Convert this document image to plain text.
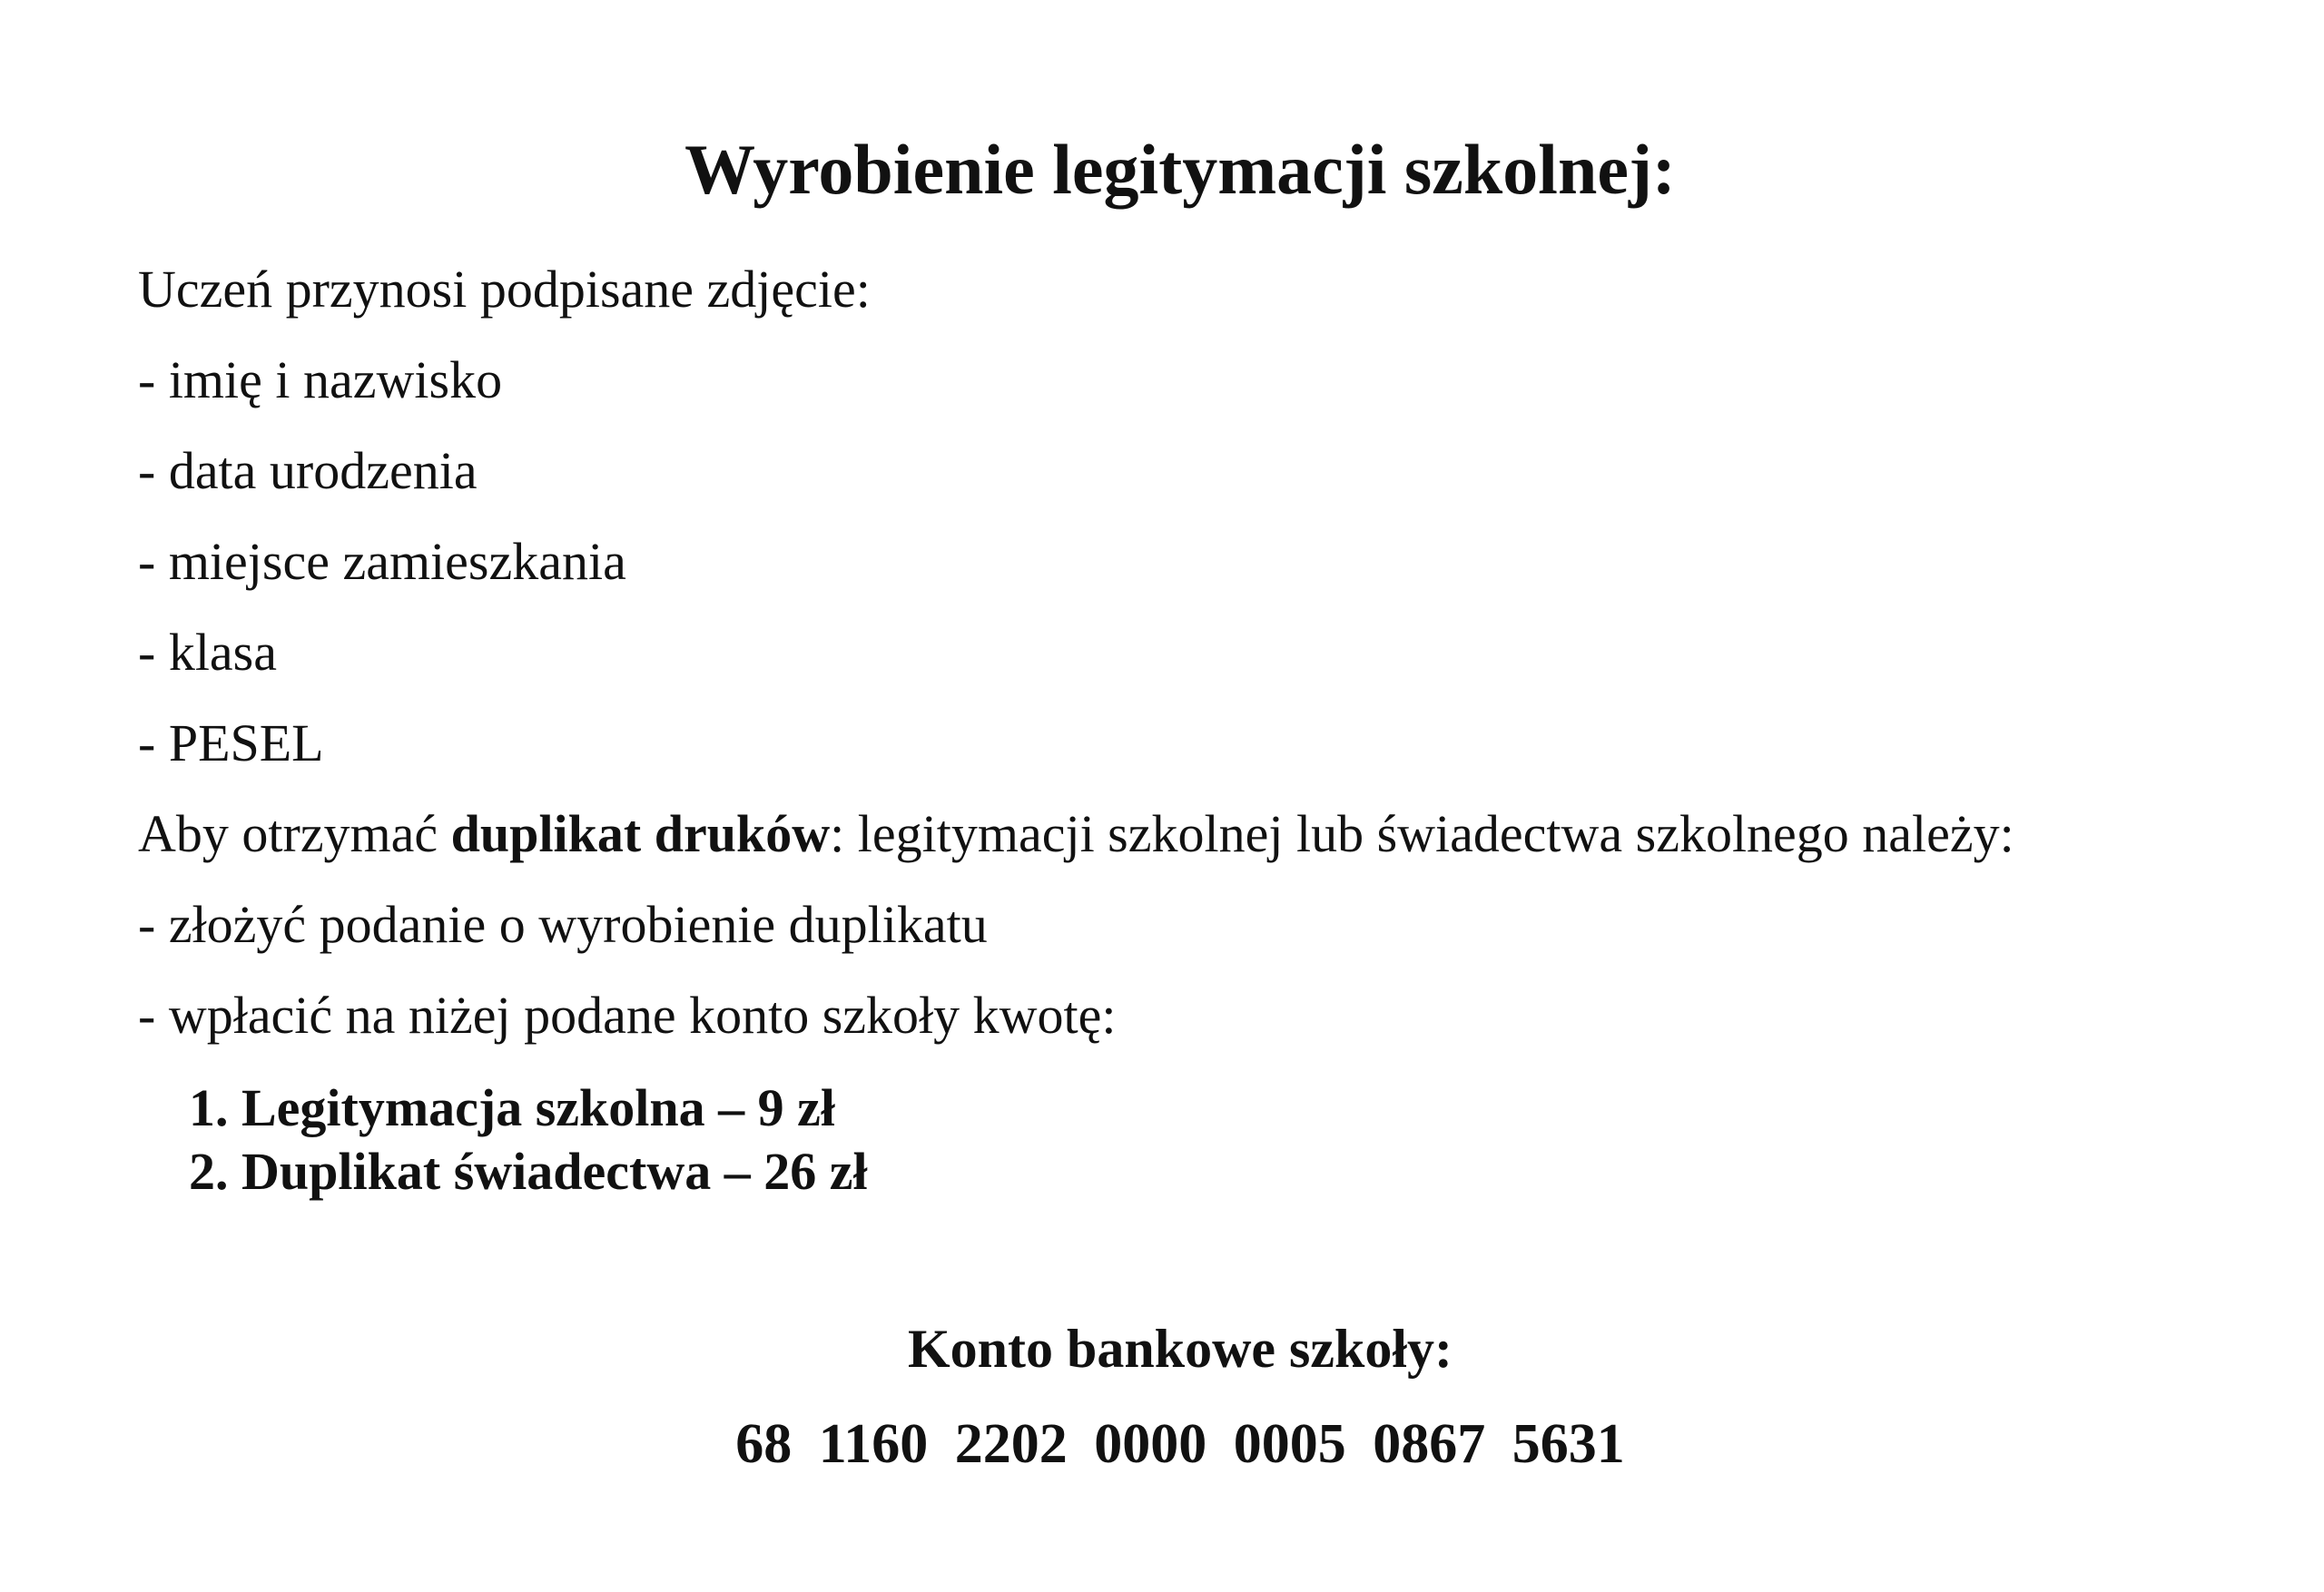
Wyrobienie legitymacji szkolnej:
Uczeń przynosi podpisane zdjęcie:
- imię i nazwisko
- data urodzenia
- miejsce zamieszkania
- klasa
- PESEL
Aby otrzymać duplikat druków: legitymacji szkolnej lub świadectwa szkolnego należy:
- złożyć podanie o wyrobienie duplikatu
- wpłacić na niżej podane konto szkoły kwotę:
1. Legitymacja szkolna – 9 zł
2. Duplikat świadectwa – 26 zł
Konto bankowe szkoły:
68 1160 2202 0000 0005 0867 5631
